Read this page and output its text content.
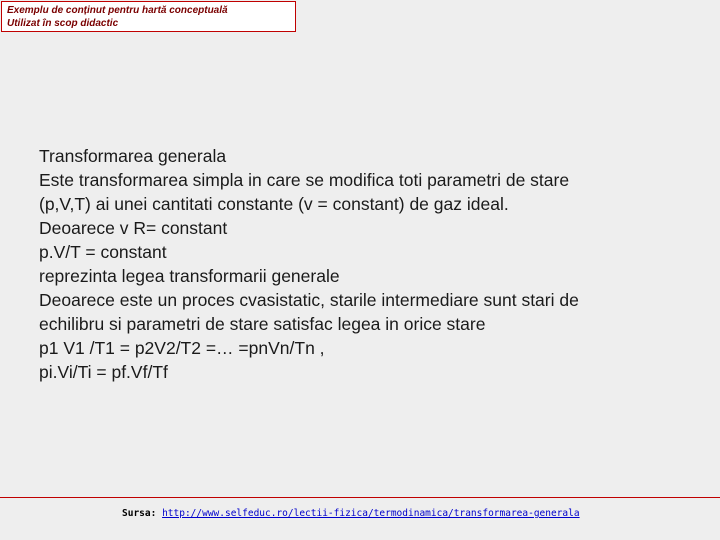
Exemplu de conținut pentru hartă conceptuală
Utilizat în scop didactic
Transformarea generala
Este transformarea simpla in care se modifica toti parametri de stare
(p,V,T) ai unei cantitati constante (v = constant) de gaz ideal.
Deoarece v R= constant
p.V/T = constant
reprezinta legea transformarii generale
Deoarece este un proces cvasistatic, starile intermediare sunt stari de
echilibru si parametri de stare satisfac legea in orice stare
p1 V1 /T1 = p2V2/T2 =… =pnVn/Tn ,
pi.Vi/Ti = pf.Vf/Tf
Sursa: http://www.selfeduc.ro/lectii-fizica/termodinamica/transformarea-generala
